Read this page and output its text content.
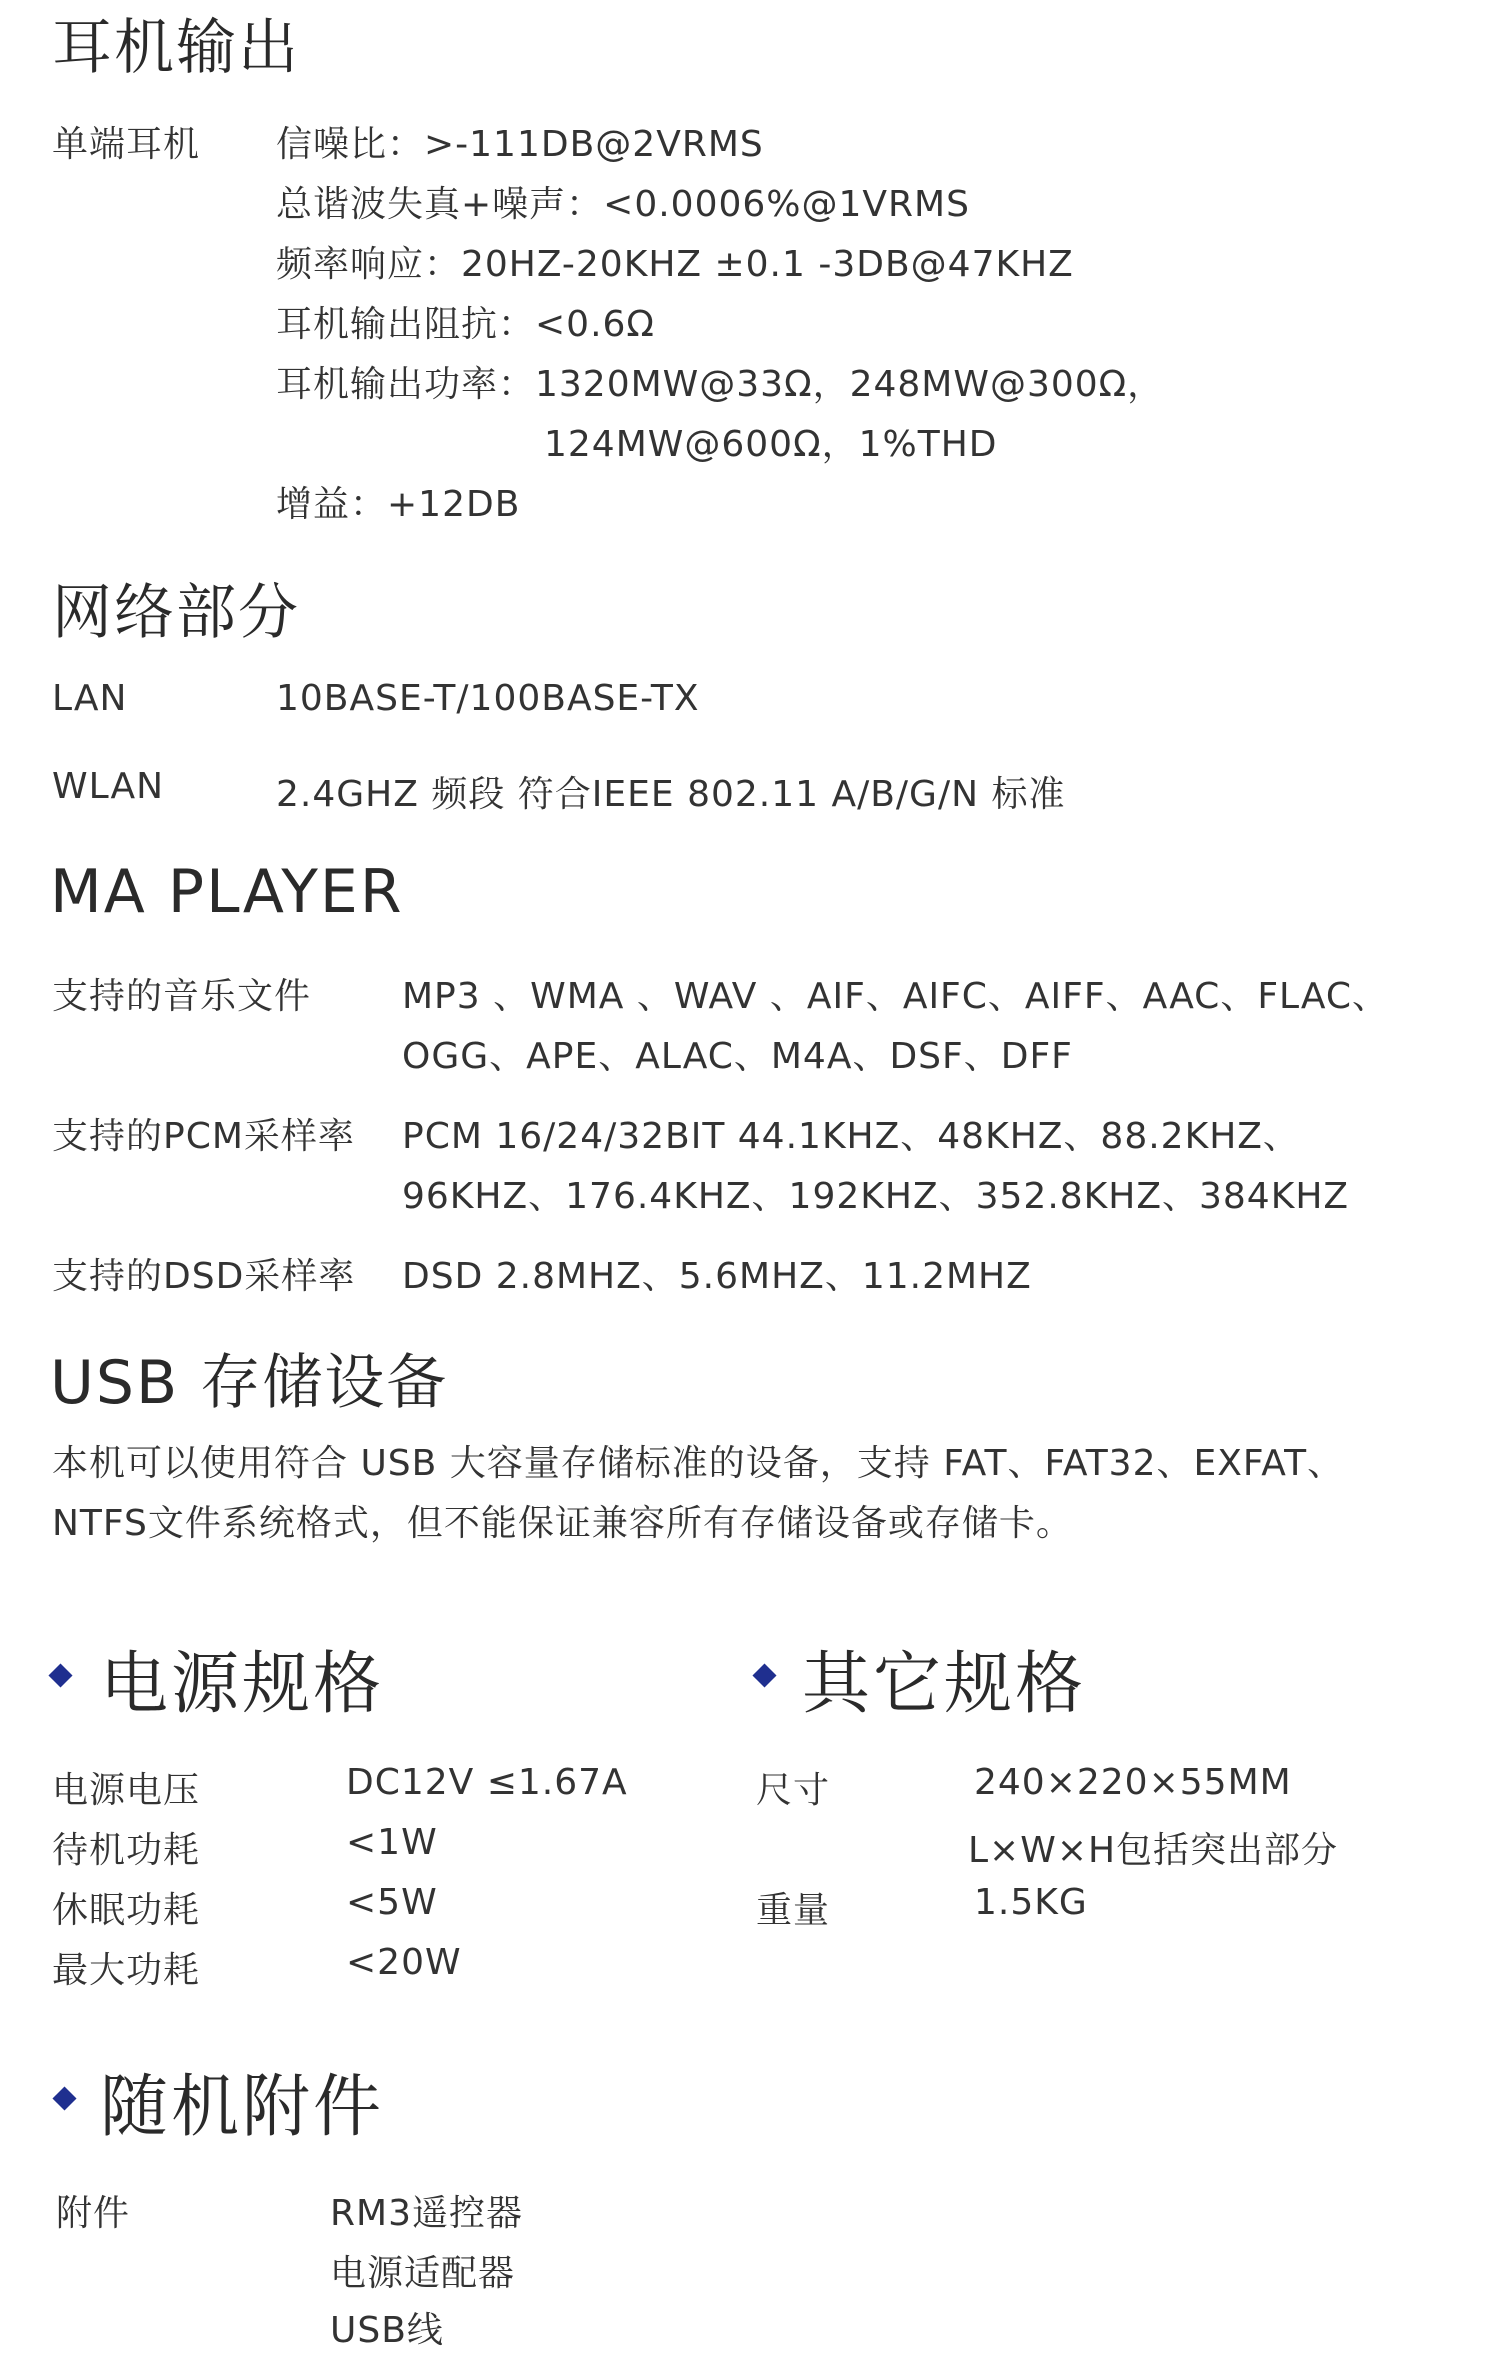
耳机输出
单端耳机 信噪比：>-111DB@2VRMS
总谐波失真+噪声：<0.0006%@1VRMS
频率响应：20HZ-20KHZ ±0.1 -3DB@47KHZ
耳机输出阻抗：<0.6Ω
耳机输出功率：1320MW@33Ω，248MW@300Ω，
124MW@600Ω，1%THD
增益：+12DB
网络部分
LAN	10BASE-T/100BASE-TX
WLAN	2.4GHZ 频段 符合IEEE 802.11 A/B/G/N 标准
MA PLAYER
支持的音乐文件	MP3 、WMA 、WAV 、AIF、AIFC、AIFF、AAC、FLAC、
OGG、APE、ALAC、M4A、DSF、DFF
支持的PCM采样率 PCM 16/24/32BIT 44.1KHZ、48KHZ、88.2KHZ、
96KHZ、176.4KHZ、192KHZ、352.8KHZ、384KHZ
支持的DSD采样率 DSD 2.8MHZ、5.6MHZ、11.2MHZ
USB 存储设备
本机可以使用符合 USB 大容量存储标准的设备，支持 FAT、FAT32、EXFAT、
NTFS文件系统格式，但不能保证兼容所有存储设备或存储卡。
电源规格
电源电压	DC12V ≤1.67A
待机功耗	<1W
休眠功耗	<5W
最大功耗	<20W
其它规格
尺寸	240×220×55MM
L×W×H包括突出部分
重量	1.5KG
随机附件
附件	RM3遥控器
电源适配器
USB线
